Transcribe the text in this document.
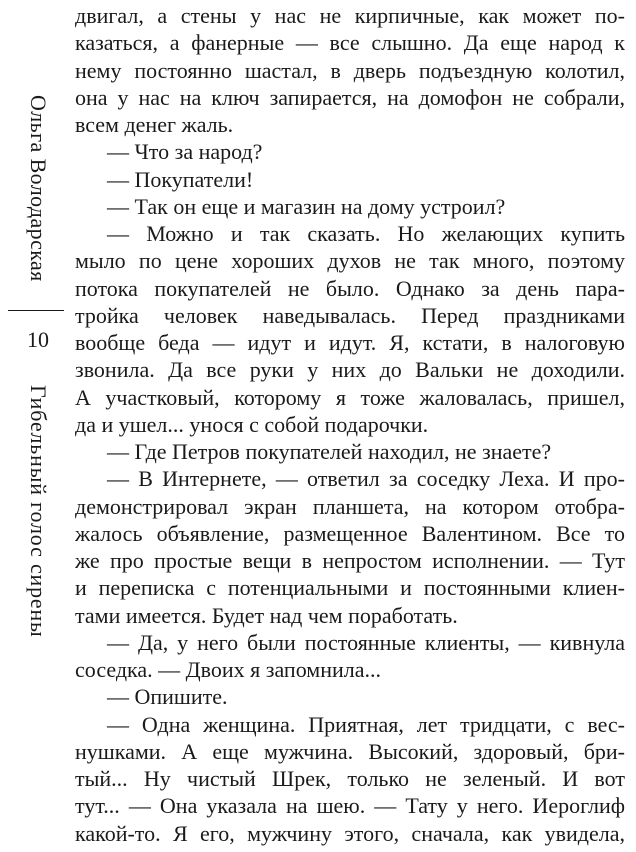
Ольга Володарская
10
Гибельный голос сирены
двигал, а стены у нас не кирпичные, как может по-
казаться, а фанерные — все слышно. Да еще народ к
нему постоянно шастал, в дверь подъездную колотил,
она у нас на ключ запирается, на домофон не собрали,
всем денег жаль.
— Что за народ?
— Покупатели!
— Так он еще и магазин на дому устроил?
— Можно и так сказать. Но желающих купить
мыло по цене хороших духов не так много, поэтому
потока покупателей не было. Однако за день пара-
тройка человек наведывалась. Перед праздниками
вообще беда — идут и идут. Я, кстати, в налоговую
звонила. Да все руки у них до Вальки не доходили.
А участковый, которому я тоже жаловалась, пришел,
да и ушел... унося с собой подарочки.
— Где Петров покупателей находил, не знаете?
— В Интернете, — ответил за соседку Леха. И про-
демонстрировал экран планшета, на котором отобра-
жалось объявление, размещенное Валентином. Все то
же про простые вещи в непростом исполнении. — Тут
и переписка с потенциальными и постоянными клиен-
тами имеется. Будет над чем поработать.
— Да, у него были постоянные клиенты, — кивнула
соседка. — Двоих я запомнила...
— Опишите.
— Одна женщина. Приятная, лет тридцати, с вес-
нушками. А еще мужчина. Высокий, здоровый, бри-
тый... Ну чистый Шрек, только не зеленый. И вот
тут... — Она указала на шею. — Тату у него. Иероглиф
какой-то. Я его, мужчину этого, сначала, как увидела,
